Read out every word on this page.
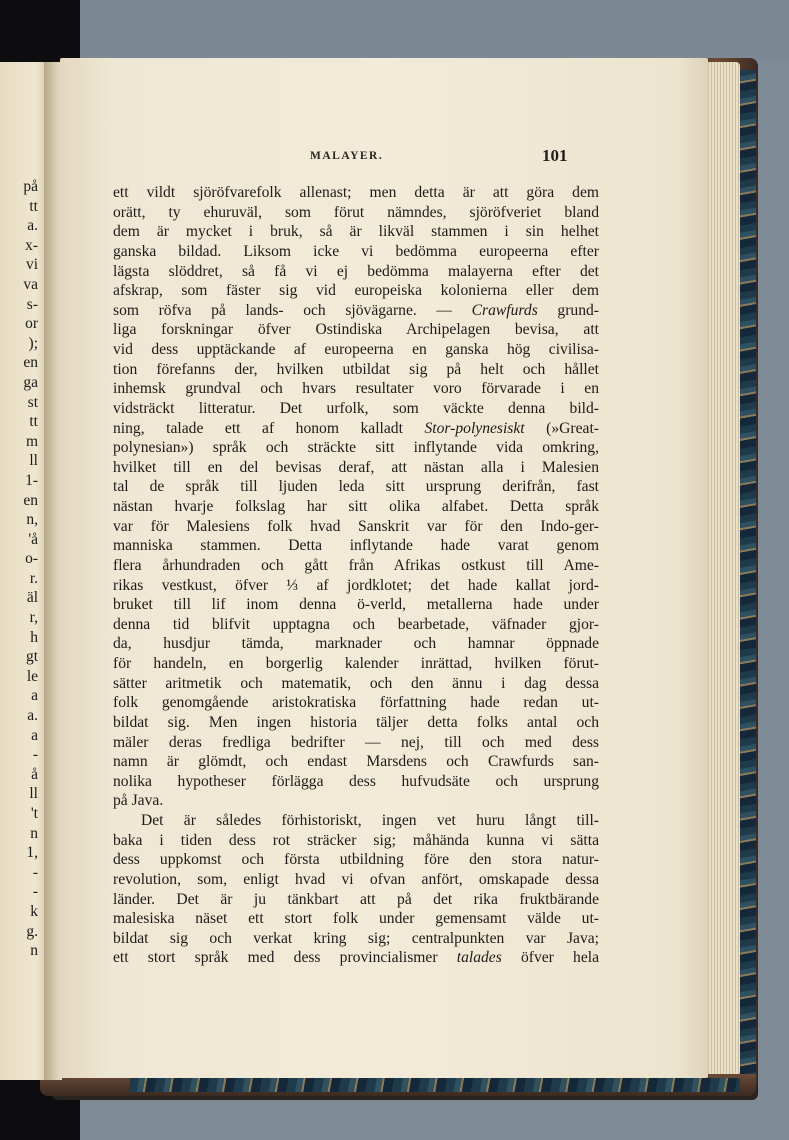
på
tt
a.
x-
vi
va
s-
or
);
en
ga
st
tt
m
ll
1-
en
n,
'å
o-
r.
äl
r,
h
gt
le
a
a.
a
-
å
ll
't
n
1,
-
-
k
g.
n
MALAYER.	101
ett vildt sjöröfvarefolk allenast; men detta är att göra dem
orätt, ty ehuruväl, som förut nämndes, sjöröfveriet bland
dem är mycket i bruk, så är likväl stammen i sin helhet
ganska bildad. Liksom icke vi bedömma europeerna efter
lägsta slöddret, så få vi ej bedömma malayerna efter det
afskrap, som fäster sig vid europeiska kolonierna eller dem
som röfva på lands- och sjövägarne. — Crawfurds grund-
liga forskningar öfver Ostindiska Archipelagen bevisa, att
vid dess upptäckande af europeerna en ganska hög civilisa-
tion förefanns der, hvilken utbildat sig på helt och hållet
inhemsk grundval och hvars resultater voro förvarade i en
vidsträckt litteratur. Det urfolk, som väckte denna bild-
ning, talade ett af honom kalladt Stor-polynesiskt (»Great-
polynesian») språk och sträckte sitt inflytande vida omkring,
hvilket till en del bevisas deraf, att nästan alla i Malesien
tal de språk till ljuden leda sitt ursprung derifrån, fast
nästan hvarje folkslag har sitt olika alfabet. Detta språk
var för Malesiens folk hvad Sanskrit var för den Indo-ger-
manniska stammen. Detta inflytande hade varat genom
flera århundraden och gått från Afrikas ostkust till Ame-
rikas vestkust, öfver ⅓ af jordklotet; det hade kallat jord-
bruket till lif inom denna ö-verld, metallerna hade under
denna tid blifvit upptagna och bearbetade, väfnader gjor-
da, husdjur tämda, marknader och hamnar öppnade
för handeln, en borgerlig kalender inrättad, hvilken förut-
sätter aritmetik och matematik, och den ännu i dag dessa
folk genomgående aristokratiska författning hade redan ut-
bildat sig. Men ingen historia täljer detta folks antal och
mäler deras fredliga bedrifter — nej, till och med dess
namn är glömdt, och endast Marsdens och Crawfurds san-
nolika hypotheser förlägga dess hufvudsäte och ursprung
på Java.
Det är således förhistoriskt, ingen vet huru långt till-
baka i tiden dess rot sträcker sig; måhända kunna vi sätta
dess uppkomst och första utbildning före den stora natur-
revolution, som, enligt hvad vi ofvan anfört, omskapade dessa
länder. Det är ju tänkbart att på det rika fruktbärande
malesiska näset ett stort folk under gemensamt välde ut-
bildat sig och verkat kring sig; centralpunkten var Java;
ett stort språk med dess provincialismer talades öfver hela
